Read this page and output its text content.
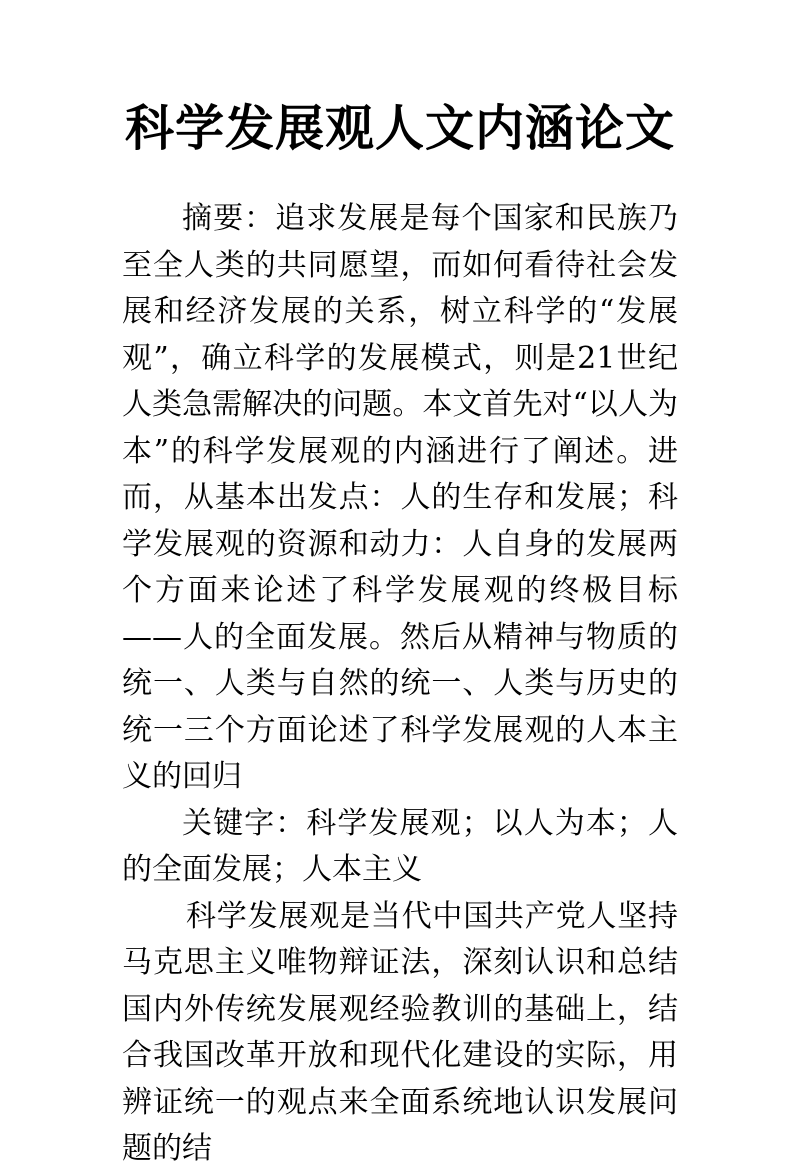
科学发展观人文内涵论文

摘要：追求发展是每个国家和民族乃至全人类的共同愿望，而如何看待社会发展和经济发展的关系，树立科学的“发展观”，确立科学的发展模式，则是21世纪人类急需解决的问题。本文首先对“以人为本”的科学发展观的内涵进行了阐述。进而，从基本出发点：人的生存和发展；科学发展观的资源和动力：人自身的发展两个方面来论述了科学发展观的终极目标——人的全面发展。然后从精神与物质的统一、人类与自然的统一、人类与历史的统一三个方面论述了科学发展观的人本主义的回归

关键字：科学发展观；以人为本；人的全面发展；人本主义

科学发展观是当代中国共产党人坚持马克思主义唯物辩证法，深刻认识和总结国内外传统发展观经验教训的基础上，结合我国改革开放和现代化建设的实际，用辨证统一的观点来全面系统地认识发展问题的结
